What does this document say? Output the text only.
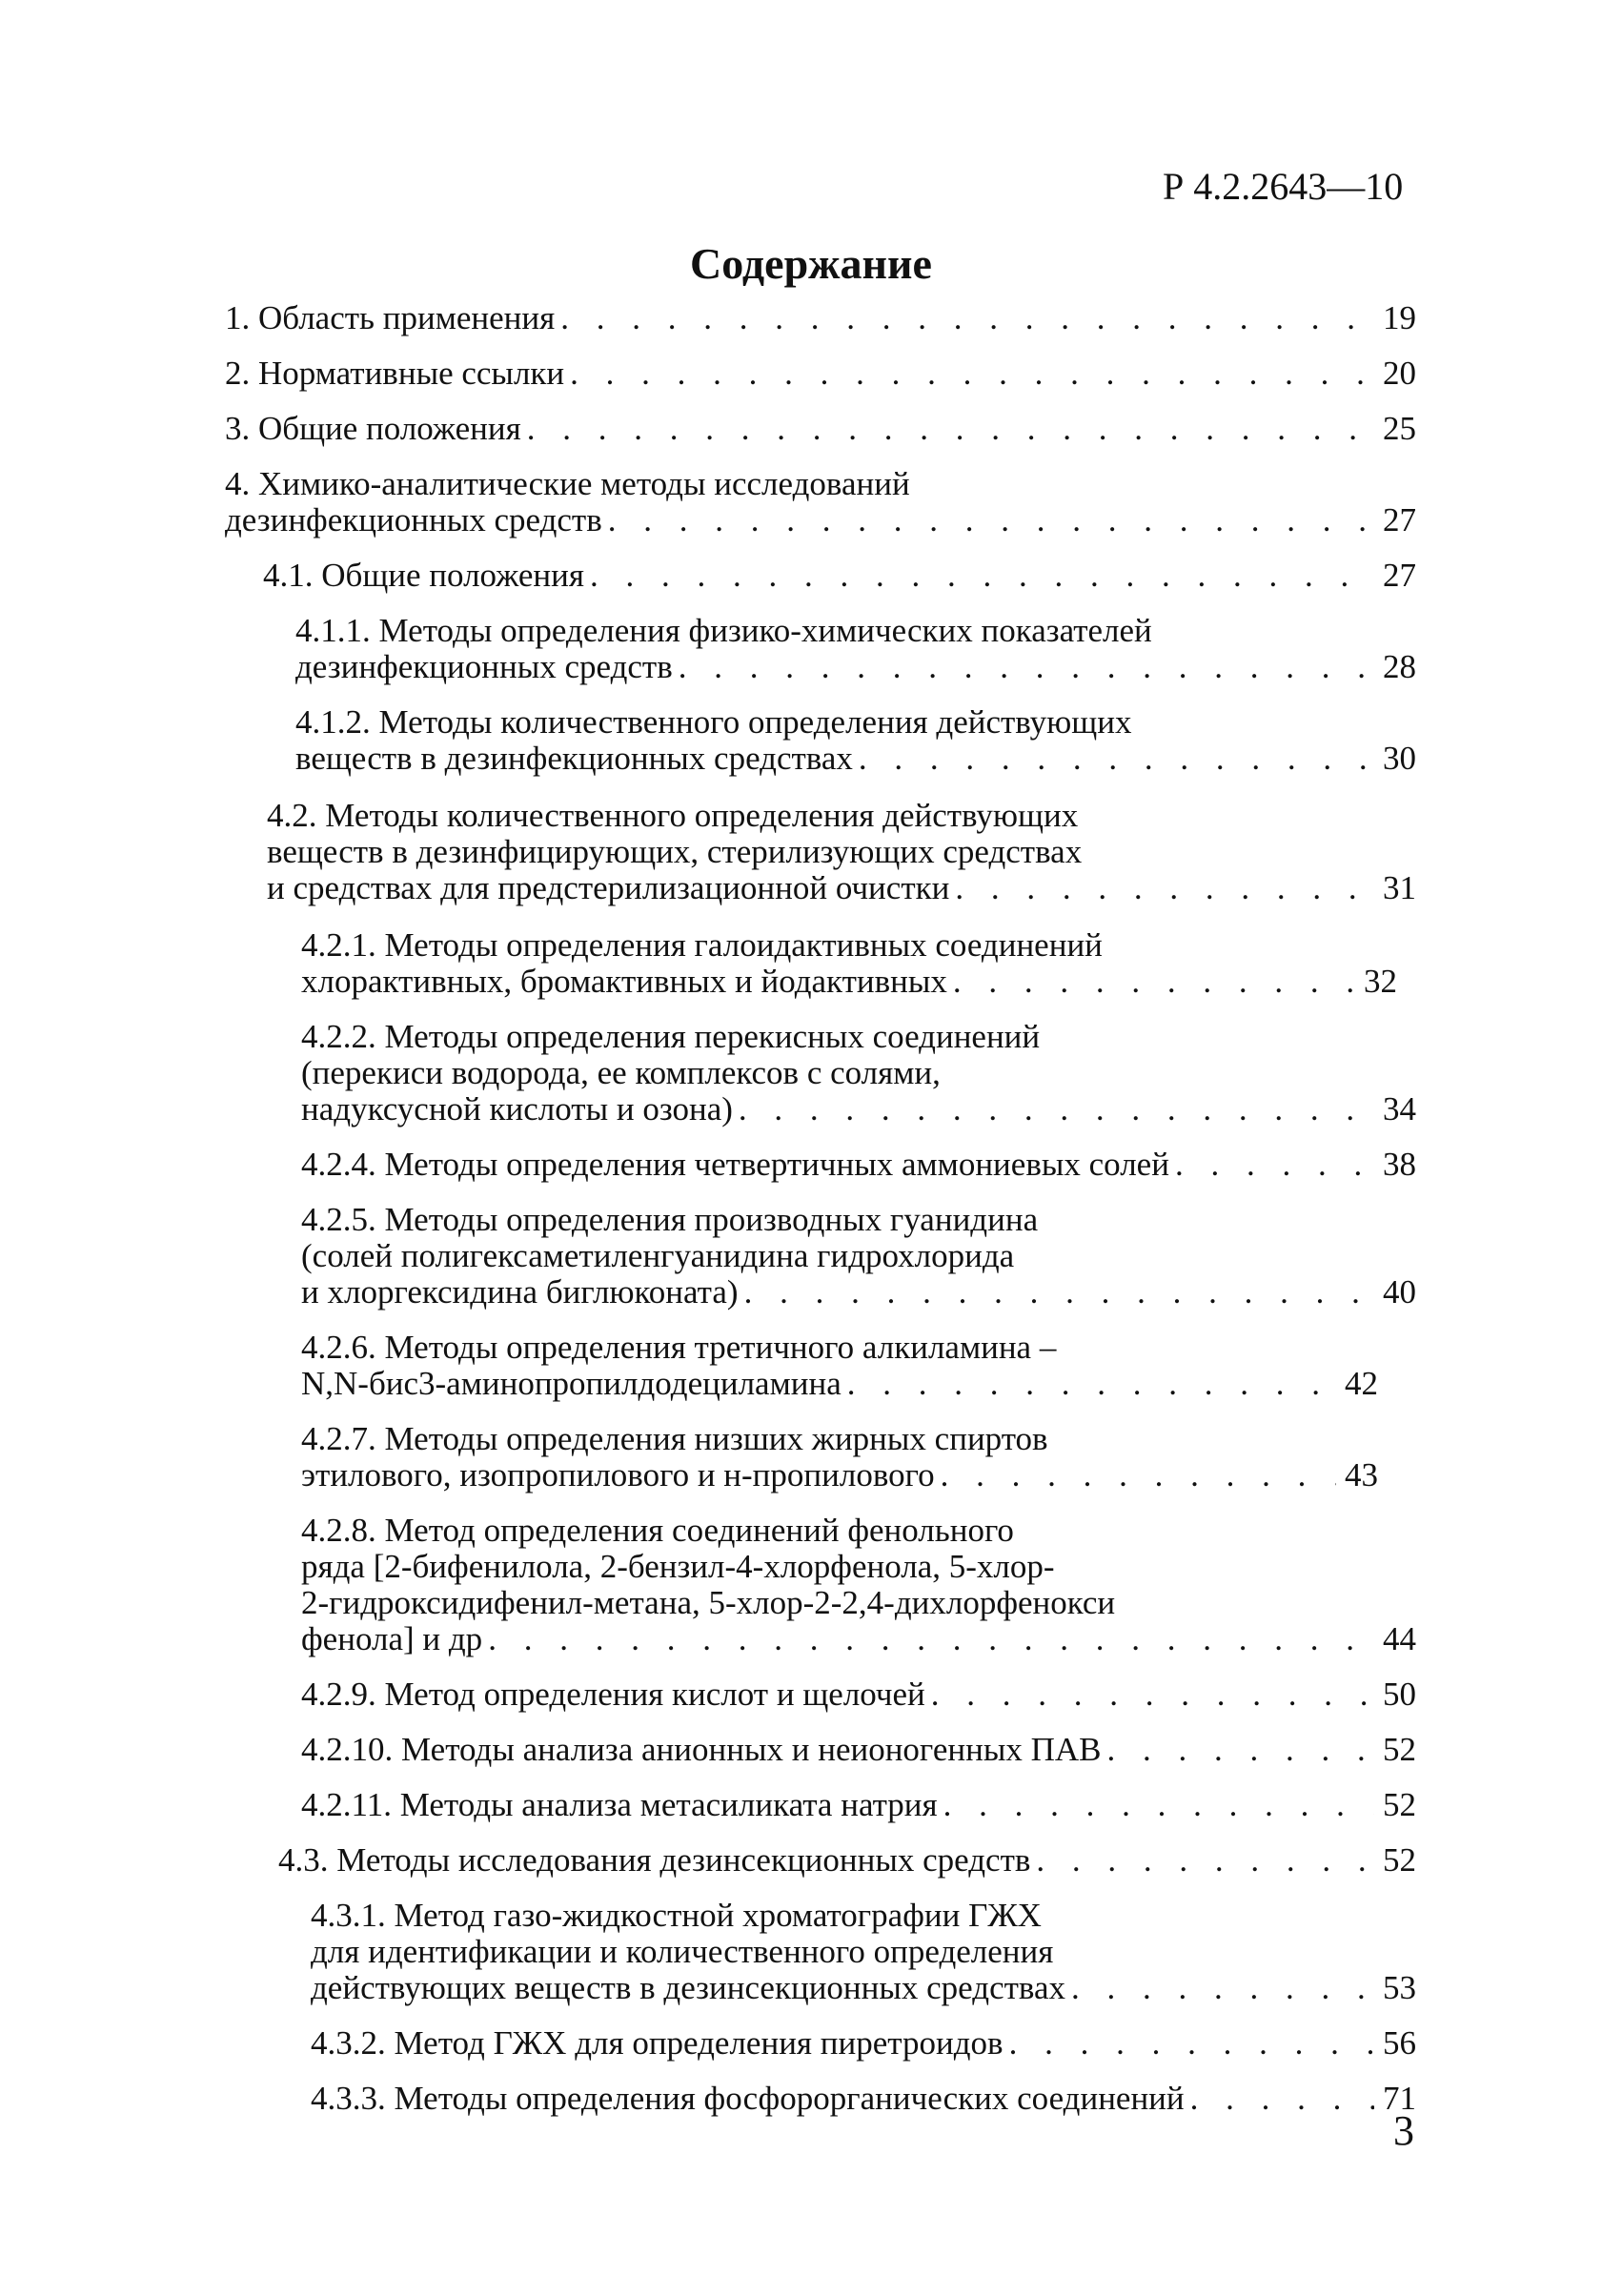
Р 4.2.2643—10
Содержание
1. Область применения . . .	19
2. Нормативные ссылки . . .	20
3. Общие положения . . .	25
4. Химико-аналитические методы исследований
дезинфекционных средств . . .	27
4.1. Общие положения . . .	27
4.1.1. Методы определения физико-химических показателей
дезинфекционных средств . . .	28
4.1.2. Методы количественного определения действующих
веществ в дезинфекционных средствах . . .	30
4.2. Методы количественного определения действующих
веществ в дезинфицирующих, стерилизующих средствах
и средствах для предстерилизационной очистки . . .	31
4.2.1. Методы определения галоидактивных соединений
хлорактивных, бромактивных и йодактивных . . .	32
4.2.2. Методы определения перекисных соединений
(перекиси водорода, ее комплексов с солями,
надуксусной кислоты и озона) . . .	34
4.2.4. Методы определения четвертичных аммониевых солей . . .	38
4.2.5. Методы определения производных гуанидина
(солей полигексаметиленгуанидина гидрохлорида
и хлоргексидина биглюконата) . . .	40
4.2.6. Методы определения третичного алкиламина –
N,N-бис3-аминопропилдодециламина . . .	42
4.2.7. Методы определения низших жирных спиртов
этилового, изопропилового и н-пропилового . . .	43
4.2.8. Метод определения соединений фенольного
ряда [2-бифенилола, 2-бензил-4-хлорфенола, 5-хлор-
2-гидроксидифенил-метана, 5-хлор-2-2,4-дихлорфенокси
фенола] и др . . .	44
4.2.9. Метод определения кислот и щелочей . . .	50
4.2.10. Методы анализа анионных и неионогенных ПАВ . . .	52
4.2.11. Методы анализа метасиликата натрия . . .	52
4.3. Методы исследования дезинсекционных средств . . .	52
4.3.1. Метод газо-жидкостной хроматографии ГЖХ
для идентификации и количественного определения
действующих веществ в дезинсекционных средствах . . .	53
4.3.2. Метод ГЖХ для определения пиретроидов . . .	56
4.3.3. Методы определения фосфорорганических соединений . . .	71
3
